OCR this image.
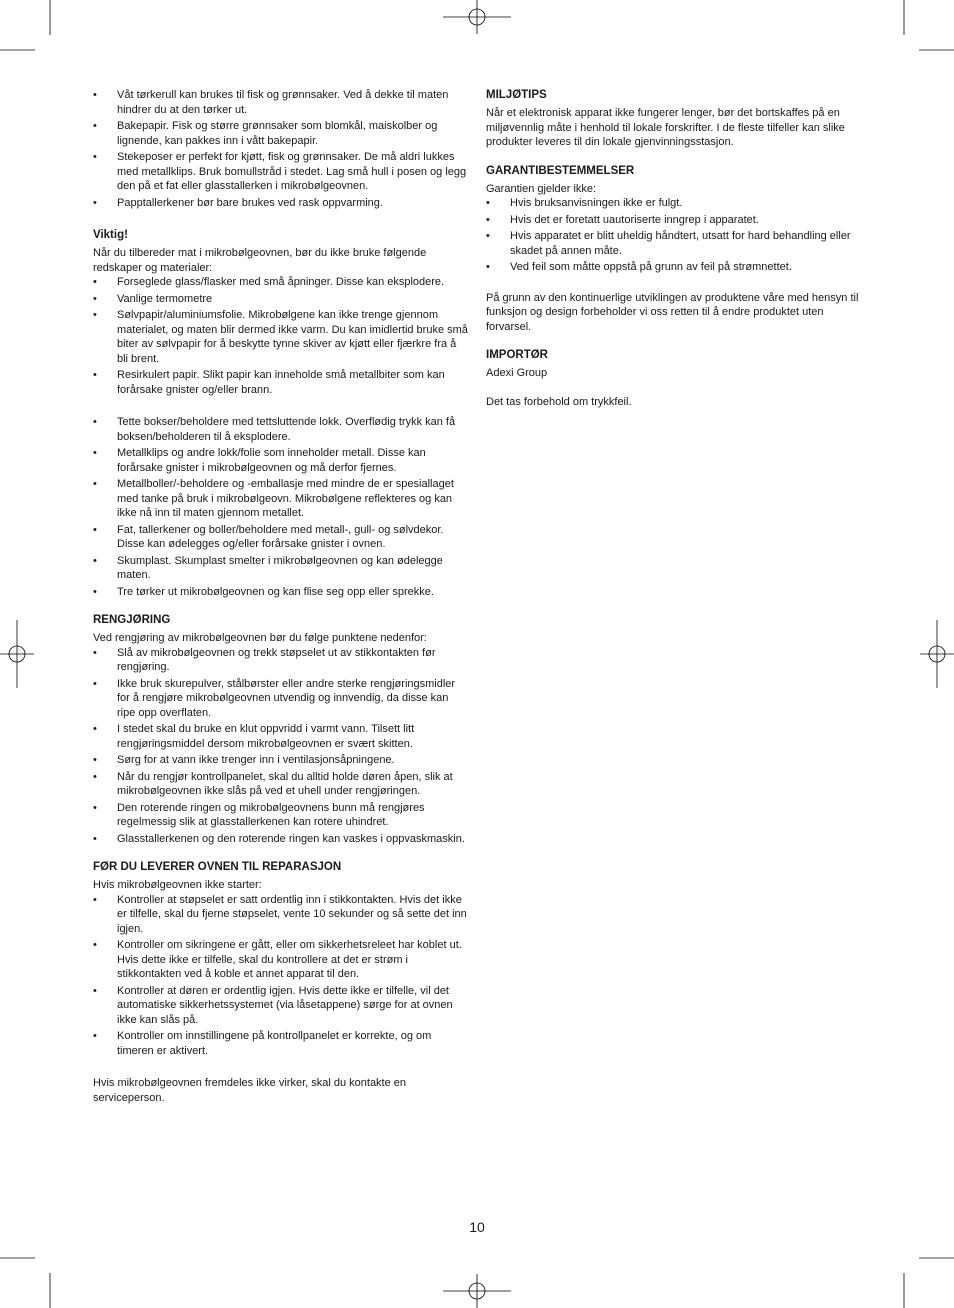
• Våt tørkerull kan brukes til fisk og grønnsaker. Ved å dekke til maten hindrer du at den tørker ut.
• Bakepapir. Fisk og større grønnsaker som blomkål, maiskolber og lignende, kan pakkes inn i vått bakepapir.
• Stekeposer er perfekt for kjøtt, fisk og grønnsaker. De må aldri lukkes med metallklips. Bruk bomullstråd i stedet. Lag små hull i posen og legg den på et fat eller glasstallerken i mikrobølgeovnen.
• Papptallerkener bør bare brukes ved rask oppvarming.
Viktig!

Når du tilbereder mat i mikrobølgeovnen, bør du ikke bruke følgende redskaper og materialer:

• Forseglede glass/flasker med små åpninger. Disse kan eksplodere.
• Vanlige termometre
• Sølvpapir/aluminiumsfolie. Mikrobølgene kan ikke trenge gjennom materialet, og maten blir dermed ikke varm. Du kan imidlertid bruke små biter av sølvpapir for å beskytte tynne skiver av kjøtt eller fjærkre fra å bli brent.
• Resirkulert papir. Slikt papir kan inneholde små metallbiter som kan forårsake gnister og/eller brann.
• Tette bokser/beholdere med tettsluttende lokk. Overflødig trykk kan få boksen/beholderen til å eksplodere.
• Metallklips og andre lokk/folie som inneholder metall. Disse kan forårsake gnister i mikrobølgeovnen og må derfor fjernes.
• Metallboller/-beholdere og -emballasje med mindre de er spesiallaget med tanke på bruk i mikrobølgeovn. Mikrobølgene reflekteres og kan ikke nå inn til maten gjennom metallet.
• Fat, tallerkener og boller/beholdere med metall-, gull- og sølvdekor. Disse kan ødelegges og/eller forårsake gnister i ovnen.
• Skumplast. Skumplast smelter i mikrobølgeovnen og kan ødelegge maten.
• Tre tørker ut mikrobølgeovnen og kan flise seg opp eller sprekke.
RENGJØRING

Ved rengjøring av mikrobølgeovnen bør du følge punktene nedenfor:

• Slå av mikrobølgeovnen og trekk støpselet ut av stikkontakten før rengjøring.
• Ikke bruk skurepulver, stålbørster eller andre sterke rengjøringsmidler for å rengjøre mikrobølgeovnen utvendig og innvendig, da disse kan ripe opp overflaten.
• I stedet skal du bruke en klut oppvridd i varmt vann. Tilsett litt rengjøringsmiddel dersom mikrobølgeovnen er svært skitten.
• Sørg for at vann ikke trenger inn i ventilasjonsåpningene.
• Når du rengjør kontrollpanelet, skal du alltid holde døren åpen, slik at mikrobølgeovnen ikke slås på ved et uhell under rengjøringen.
• Den roterende ringen og mikrobølgeovnens bunn må rengjøres regelmessig slik at glasstallerkenen kan rotere uhindret.
• Glasstallerkenen og den roterende ringen kan vaskes i oppvaskmaskin.
FØR DU LEVERER OVNEN TIL REPARASJON

Hvis mikrobølgeovnen ikke starter:

• Kontroller at støpselet er satt ordentlig inn i stikkontakten. Hvis det ikke er tilfelle, skal du fjerne støpselet, vente 10 sekunder og så sette det inn igjen.
• Kontroller om sikringene er gått, eller om sikkerhetsreleet har koblet ut. Hvis dette ikke er tilfelle, skal du kontrollere at det er strøm i stikkontakten ved å koble et annet apparat til den.
• Kontroller at døren er ordentlig igjen. Hvis dette ikke er tilfelle, vil det automatiske sikkerhetssystemet (via låsetappene) sørge for at ovnen ikke kan slås på.
• Kontroller om innstillingene på kontrollpanelet er korrekte, og om timeren er aktivert.

Hvis mikrobølgeovnen fremdeles ikke virker, skal du kontakte en serviceperson.

MILJØTIPS

Når et elektronisk apparat ikke fungerer lenger, bør det bortskaffes på en miljøvennlig måte i henhold til lokale forskrifter. I de fleste tilfeller kan slike produkter leveres til din lokale gjenvinningsstasjon.

GARANTIBESTEMMELSER

Garantien gjelder ikke:

• Hvis bruksanvisningen ikke er fulgt.
• Hvis det er foretatt uautoriserte inngrep i apparatet.
• Hvis apparatet er blitt uheldig håndtert, utsatt for hard behandling eller skadet på annen måte.
• Ved feil som måtte oppstå på grunn av feil på strømnettet.

På grunn av den kontinuerlige utviklingen av produktene våre med hensyn til funksjon og design forbeholder vi oss retten til å endre produktet uten forvarsel.

IMPORTØR

Adexi Group

Det tas forbehold om trykkfeil.

10
